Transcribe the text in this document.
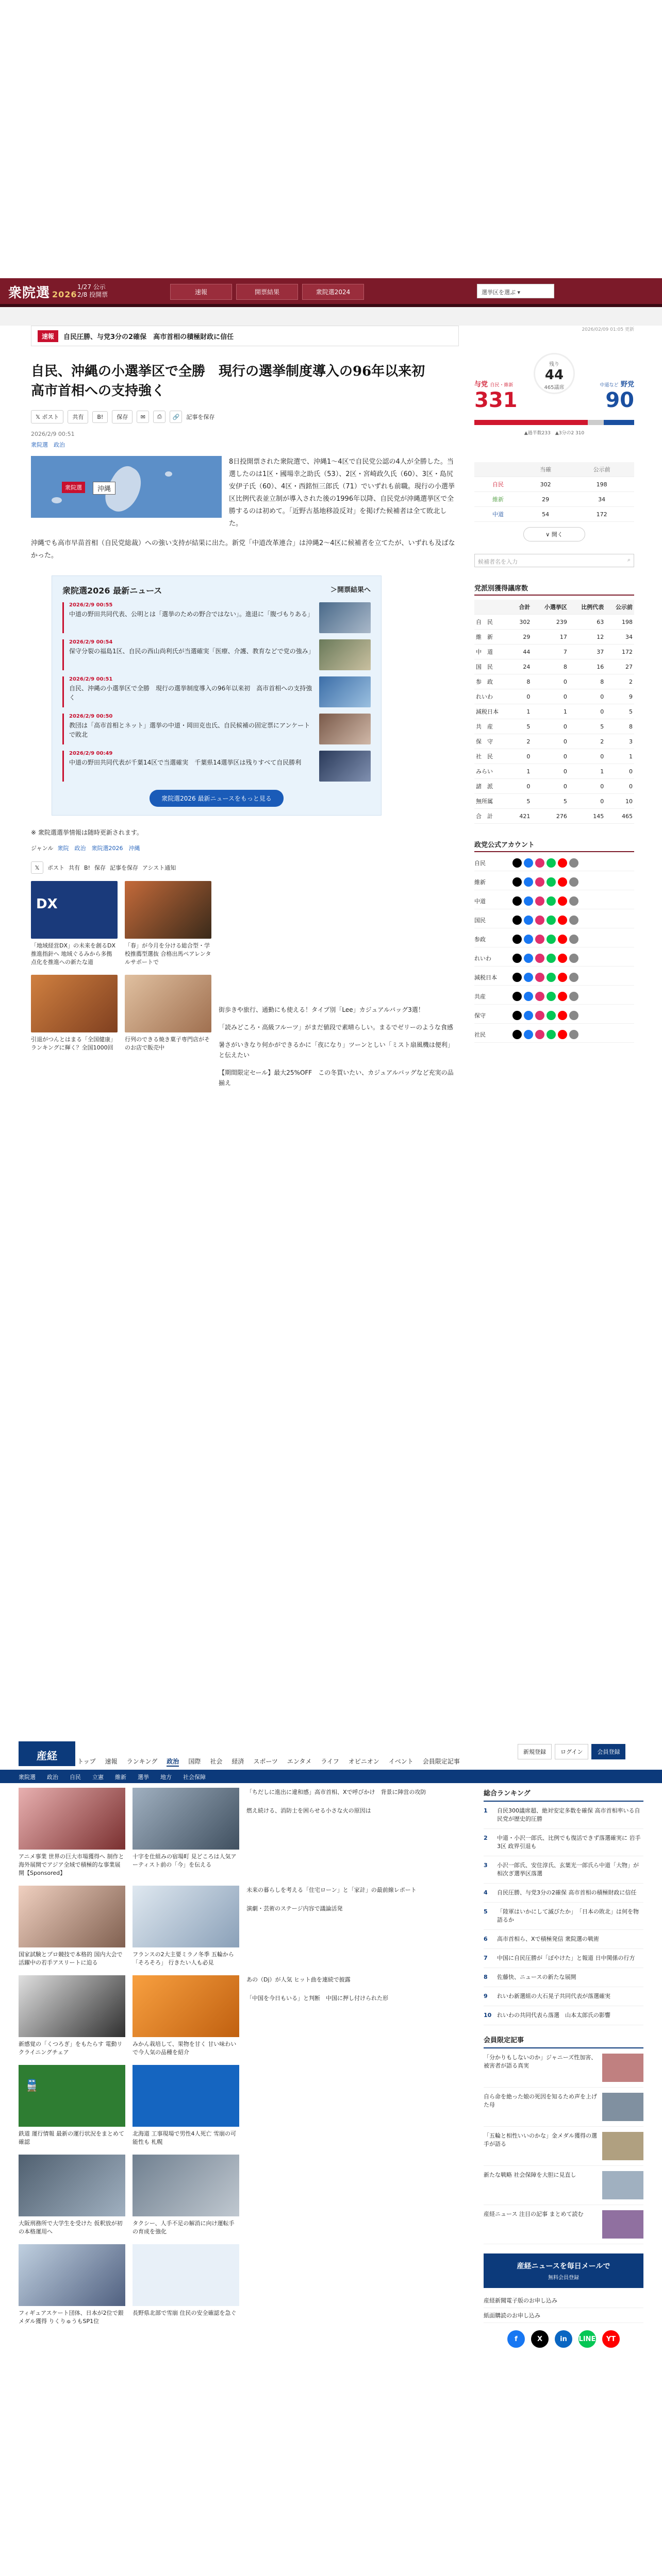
衆院選 2026
1/27 公示
2/8 投開票	速報	開票結果	衆院選2024	選挙区を選ぶ ▾
速報	自民圧勝、与党3分の2確保　高市首相の積極財政に信任
自民、沖縄の小選挙区で全勝　現行の選挙制度導入の96年以来初　高市首相への支持強く
𝕏 ポスト	共有	B!	保存	✉	⎙	🔗	記事を保存
2026/2/9 00:51
衆院選　政治
衆院選	沖縄

8日投開票された衆院選で、沖縄1～4区で自民党公認の4人が全勝した。当選したのは1区・國場幸之助氏（53）、2区・宮崎政久氏（60）、3区・島尻安伊子氏（60）、4区・西銘恒三郎氏（71）でいずれも前職。現行の小選挙区比例代表並立制が導入された後の1996年以降、自民党が沖縄選挙区で全勝するのは初めて。「近野古基地移設反対」を掲げた候補者は全て敗北した。

沖縄でも高市早苗首相（自民党総裁）への強い支持が結果に出た。新党「中道改革連合」は沖縄2～4区に候補者を立てたが、いずれも及ばなかった。

衆院選2026 最新ニュース	＞開票結果へ
2026/2/9 00:55
中道の野田共同代表、公明とは「選挙のための野合ではない」。進退に「腹づもりある」
2026/2/9 00:54
保守分裂の福島1区、自民の西山尚利氏が当選確実「医療、介護、教育などで党の強み」
2026/2/9 00:51
自民、沖縄の小選挙区で全勝　現行の選挙制度導入の96年以来初　高市首相への支持強く
2026/2/9 00:50
教団は「高市首相とネット」選挙の中道・岡田克也氏、自民候補の固定票にアンケートで敗北
2026/2/9 00:49
中道の野田共同代表が千葉14区で当選確実　千葉県14選挙区は残りすべて自民勝利
衆院選2026 最新ニュースをもっと見る
※ 衆院選選挙情報は随時更新されます。
ジャンル 衆院　政治　衆院選2026　沖縄
𝕏	ポスト 共有 B! 保存 記事を保存 アシスト通知
DX
「地域経営DX」の未来を創るDX推進指針へ 地域ぐるみから多拠点化を推進への新たな道
「春」が今月を分ける総合型・学校推薦型選抜 合格出馬ペアレンタルサポートで
引退がつんとはまる「全国健康」ランキングに輝く？全国1000回
行列のできる焼き菓子専門店がそのお店で販売中

街歩きや旅行、通勤にも使える！タイプ別「Lee」カジュアルバッグ3選！

「読みどころ・高級フルーツ」がまだ値段で素晴らしい。まるでゼリーのような食感

暑さがいきなり何かができるかに「夜になり」ツーンとしい「ミスト扇風機は便利」と伝えたい

【期間限定セール】最大25%OFF　この冬買いたい、カジュアルバッグなど充実の品揃え

2026/02/09 01:05 更新
与党 自民・維新
331
残り
44
465議席	中道など 野党
90
▲過半数233　▲3分の2 310
	当確	公示前
自民	302	198
維新	29	34
中道	54	172
∨ 開く
候補者名を入力	⌕
党派別獲得議席数
	合計	小選挙区	比例代表	公示前
自　民	302	239	63	198
維　新	29	17	12	34
中　道	44	7	37	172
国　民	24	8	16	27
参　政	8	0	8	2
れいわ	0	0	0	9
減税日本	1	1	0	5
共　産	5	0	5	8
保　守	2	0	2	3
社　民	0	0	0	1
みらい	1	0	1	0
諸　派	0	0	0	0
無所属	5	5	0	10
合　計	421	276	145	465
政党公式アカウント
自民
維新
中道
国民
参政
れいわ
減税日本
共産
保守
社民
産経	トップ 速報 ランキング 政治 国際 社会 経済 スポーツ エンタメ ライフ オピニオン イベント 会員限定記事
新規登録	ログイン	会員登録
衆院選 政治 自民 立憲 維新 選挙 地方 社会保障
アニメ事業 世界の巨大市場獲得へ 制作と海外展開でアジア全域で積極的な事業展開【Sponsored】
十字を仕組みの宿場町 見どころは人気アーティスト前の「今」を伝える

「ちだしに進出に違和感」高市首相、Xで呼びかけ　背景に陣営の攻防

燃え続ける、消防士を困らせる小さな火の原因は

国家試験とプロ競技で本格的 国内大会で活躍中の若手アスリートに迫る
フランスの2大主要ミラノ冬季 五輪から 「そろそろ」 行きたい人も必見

未来の暮らしを考える「住宅ローン」と「家計」の最前線レポート

演劇・芸術のステージ内容で議論活発

新感覚の「くつろぎ」をもたらす 電動リクライニングチェア
みかん栽培して、果物を甘く 甘い味わいで今人気の品種を紹介

あの（Dj）が人気 ヒット曲を連続で披露

「中国を今日もいる」と判断　中国に押し付けられた形

🚆
鉄道 運行情報 最新の運行状況をまとめて確認
北海道 工事現場で男性4人死亡 雪崩の可能性も 札幌
大阪刑務所で大学生を受けた 仮釈放が初の本格運用へ
タクシー、人手不足の解消に向け運転手の育成を強化
フィギュアスケート団体、日本が2位で銀メダル獲得 りくりゅうもSP1位
長野県北部で雪崩 住民の安全確認を急ぐ
総合ランキング
1	自民300議席超、絶対安定多数を確保 高市首相率いる自民党が歴史的圧勝
2	中道・小沢一郎氏、比例でも復活できず落選確実に 岩手3区 政界引退も
3	小沢一郎氏、安住淳氏、玄葉光一郎氏ら中道「大物」が相次ぎ選挙区落選
4	自民圧勝、与党3分の2確保 高市首相の積極財政に信任
5	「陸軍はいかにして滅びたか」　「日本の敗北」は何を物語るか
6	高市首相ら、Xで積極発信 衆院選の戦術
7	中国に自民圧勝が「ぼやけた」と報道 日中関係の行方
8	佐藤快、ニュースの新たな展開
9	れいわ新選組の大石晃子共同代表が落選確実
10 れいわの共同代表ら落選　山本太郎氏の影響
会員限定記事
「分かりもしないのか」ジャニーズ性加害、被害者が語る真実
自ら命を絶った娘の死因を知るため声を上げた母
「五輪と相性いいのかな」金メダル獲得の選手が語る
新たな戦略 社会保障を大胆に見直し
産経ニュース 注目の記事 まとめて読む
産経ニュースを毎日メールで
無料会員登録
産経新聞電子版のお申し込み
紙面購読のお申し込み
f	X	in	LINE	YT
